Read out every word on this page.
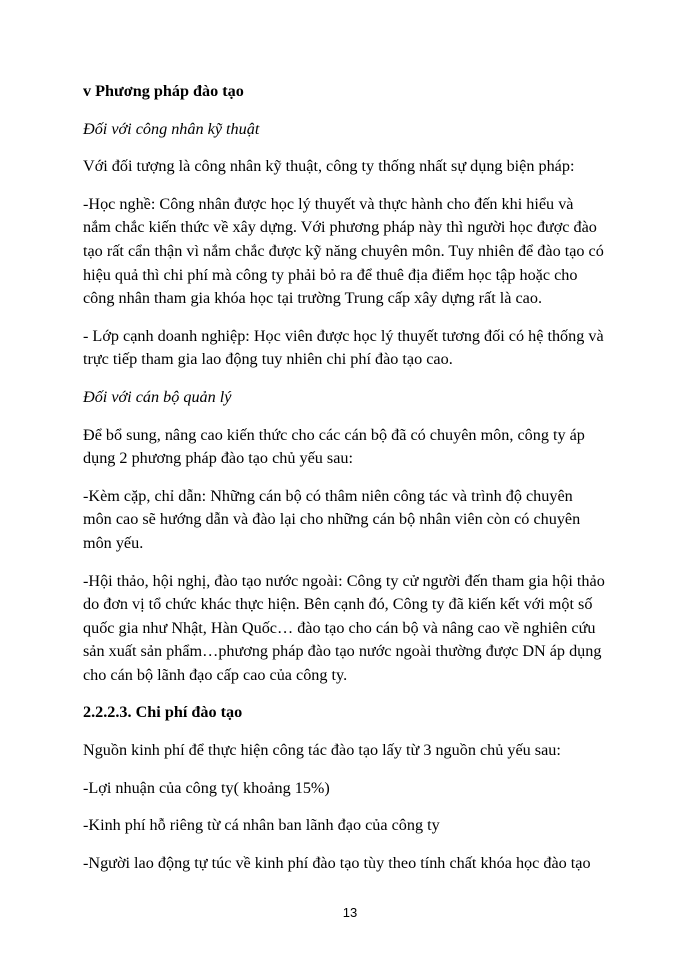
v Phương pháp đào tạo

Đối với công nhân kỹ thuật

Với đối tượng là công nhân kỹ thuật, công ty thống nhất sự dụng biện pháp:

-Học nghề: Công nhân được học lý thuyết và thực hành cho đến khi hiểu và

nắm chắc kiến thức về xây dựng. Với phương pháp này thì người học được đào

tạo rất cẩn thận vì nắm chắc được kỹ năng chuyên môn. Tuy nhiên để đào tạo có

hiệu quả thì chi phí mà công ty phải bỏ ra để thuê địa điểm học tập hoặc cho

công nhân tham gia khóa học tại trường Trung cấp xây dựng rất là cao.

- Lớp cạnh doanh nghiệp: Học viên được học lý thuyết tương đối có hệ thống và

trực tiếp tham gia lao động tuy nhiên chi phí đào tạo cao.

Đối với cán bộ quản lý

Để bổ sung, nâng cao kiến thức cho các cán bộ đã có chuyên môn, công ty áp

dụng 2 phương pháp đào tạo chủ yếu sau:

-Kèm cặp, chỉ dẫn: Những cán bộ có thâm niên công tác và trình độ chuyên

môn cao sẽ hướng dẫn và đào lại cho những cán bộ nhân viên còn có chuyên

môn yếu.

-Hội thảo, hội nghị, đào tạo nước ngoài: Công ty cử người đến tham gia hội thảo

do đơn vị tổ chức khác thực hiện. Bên cạnh đó, Công ty đã kiến kết với một số

quốc gia như Nhật, Hàn Quốc… đào tạo cho cán bộ và nâng cao về nghiên cứu

sản xuất sản phẩm…phương pháp đào tạo nước ngoài thường được DN áp dụng

cho cán bộ lãnh đạo cấp cao của công ty.

2.2.2.3. Chi phí đào tạo

Nguồn kinh phí để thực hiện công tác đào tạo lấy từ 3 nguồn chủ yếu sau:

-Lợi nhuận của công ty( khoảng 15%)

-Kinh phí hỗ riêng từ cá nhân ban lãnh đạo của công ty

-Người lao động tự túc về kinh phí đào tạo tùy theo tính chất khóa học đào tạo

13
